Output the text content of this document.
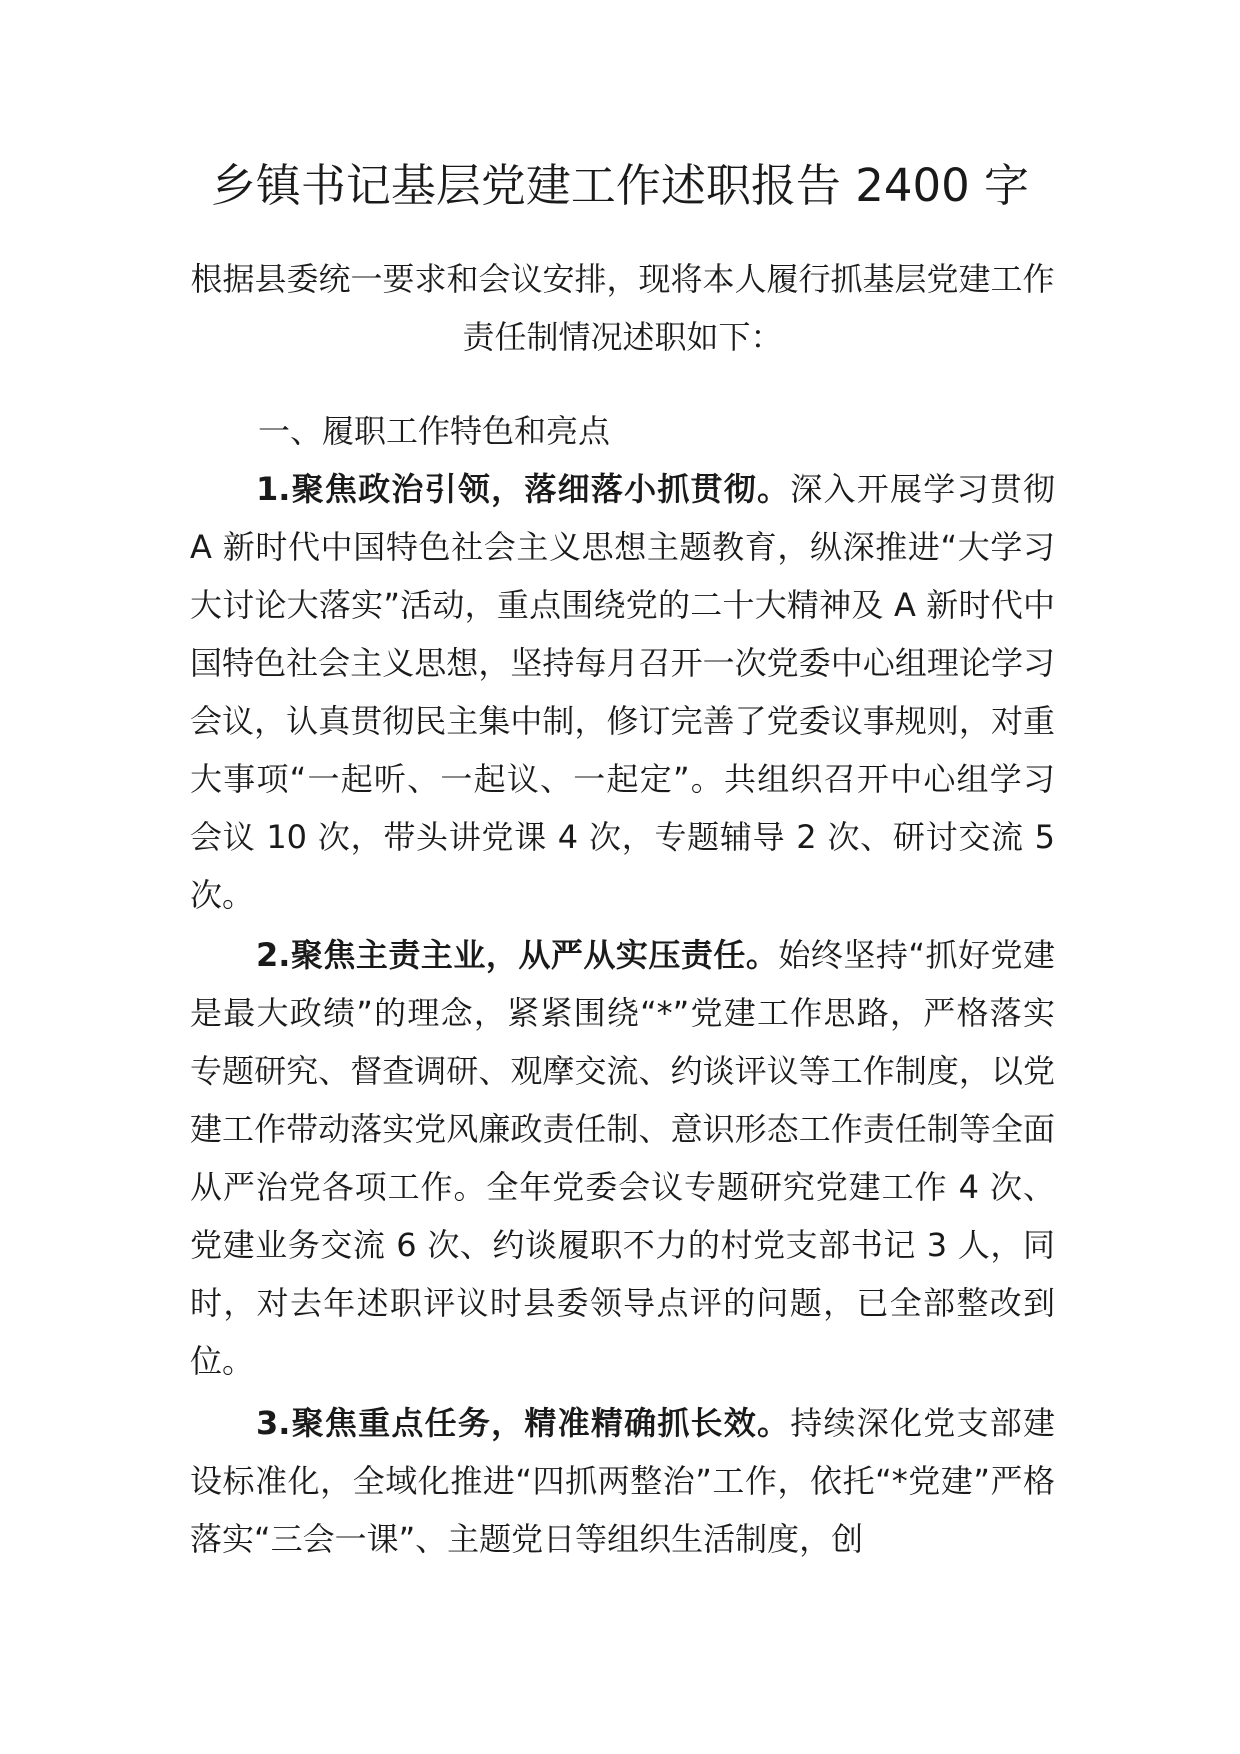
乡镇书记基层党建工作述职报告 2400 字
根据县委统一要求和会议安排，现将本人履行抓基层党建工作责任制情况述职如下：
一、履职工作特色和亮点
1.聚焦政治引领，落细落小抓贯彻。深入开展学习贯彻 A 新时代中国特色社会主义思想主题教育，纵深推进“大学习大讨论大落实”活动，重点围绕党的二十大精神及 A 新时代中国特色社会主义思想，坚持每月召开一次党委中心组理论学习会议，认真贯彻民主集中制，修订完善了党委议事规则，对重大事项“一起听、一起议、一起定”。共组织召开中心组学习会议 10 次，带头讲党课 4 次，专题辅导 2 次、研讨交流 5 次。
2.聚焦主责主业，从严从实压责任。始终坚持“抓好党建是最大政绩”的理念，紧紧围绕“*”党建工作思路，严格落实专题研究、督查调研、观摩交流、约谈评议等工作制度，以党建工作带动落实党风廉政责任制、意识形态工作责任制等全面从严治党各项工作。全年党委会议专题研究党建工作 4 次、党建业务交流 6 次、约谈履职不力的村党支部书记 3 人，同时，对去年述职评议时县委领导点评的问题，已全部整改到位。
3.聚焦重点任务，精准精确抓长效。持续深化党支部建设标准化，全域化推进“四抓两整治”工作，依托“*党建”严格落实“三会一课”、主题党日等组织生活制度，创
